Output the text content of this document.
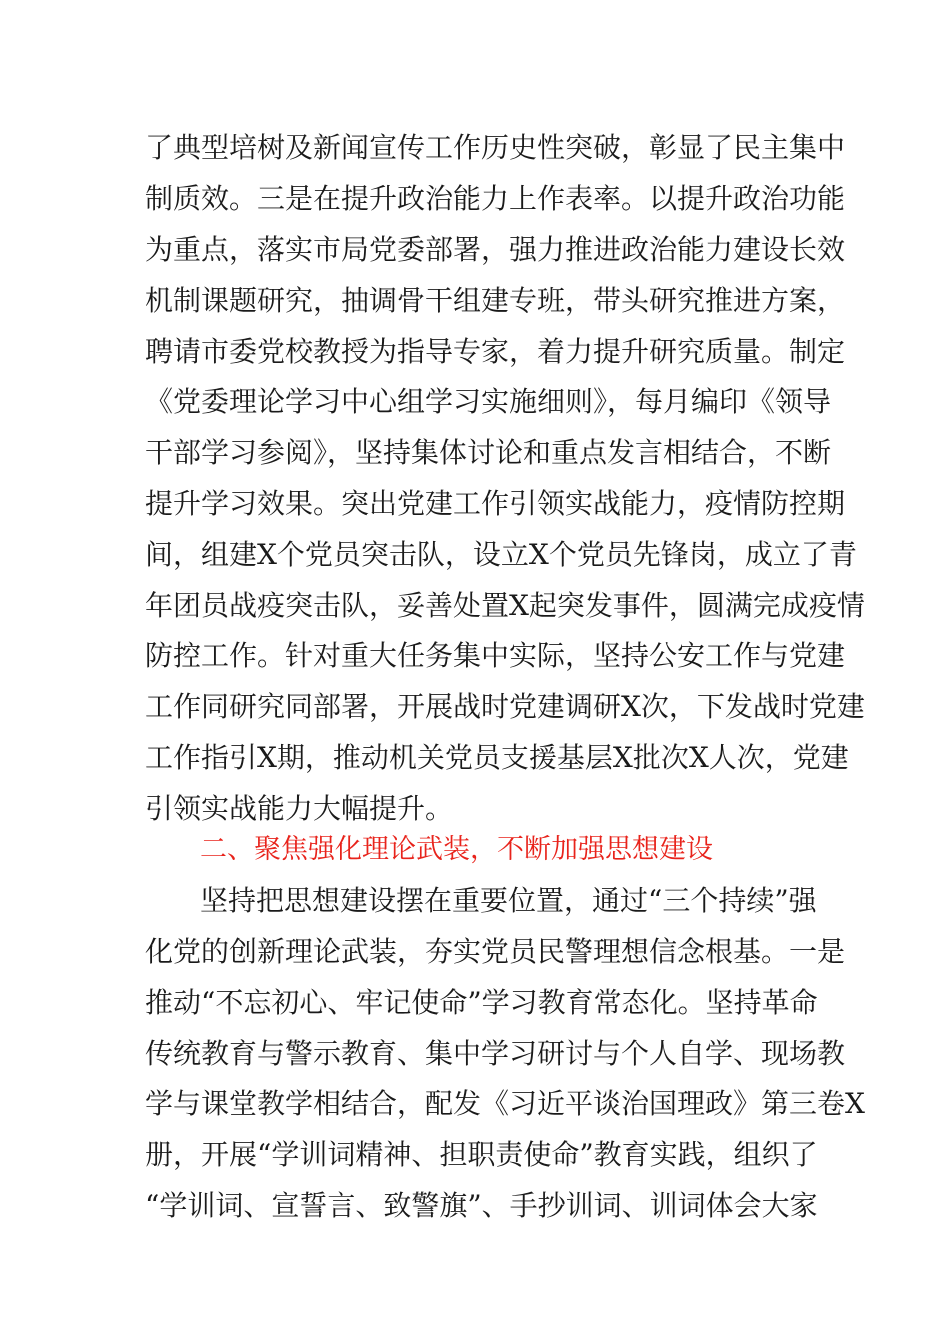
了典型培树及新闻宣传工作历史性突破，彰显了民主集中
制质效。三是在提升政治能力上作表率。以提升政治功能
为重点，落实市局党委部署，强力推进政治能力建设长效
机制课题研究，抽调骨干组建专班，带头研究推进方案，
聘请市委党校教授为指导专家，着力提升研究质量。制定
《党委理论学习中心组学习实施细则》，每月编印《领导
干部学习参阅》，坚持集体讨论和重点发言相结合，不断
提升学习效果。突出党建工作引领实战能力，疫情防控期
间，组建X个党员突击队，设立X个党员先锋岗，成立了青
年团员战疫突击队，妥善处置X起突发事件，圆满完成疫情
防控工作。针对重大任务集中实际，坚持公安工作与党建
工作同研究同部署，开展战时党建调研X次，下发战时党建
工作指引X期，推动机关党员支援基层X批次X人次，党建
引领实战能力大幅提升。
二、聚焦强化理论武装，不断加强思想建设
坚持把思想建设摆在重要位置，通过“三个持续”强
化党的创新理论武装，夯实党员民警理想信念根基。一是
推动“不忘初心、牢记使命”学习教育常态化。坚持革命
传统教育与警示教育、集中学习研讨与个人自学、现场教
学与课堂教学相结合，配发《习近平谈治国理政》第三卷X
册，开展“学训词精神、担职责使命”教育实践，组织了
“学训词、宣誓言、致警旗”、手抄训词、训词体会大家
